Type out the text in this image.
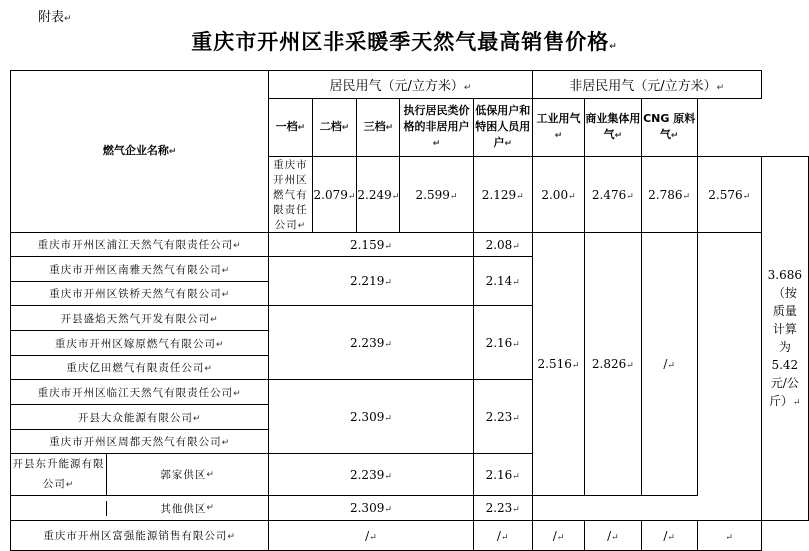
附表↵
重庆市开州区非采暖季天然气最高销售价格↵
燃气企业名称↵	居民用气（元/立方米）↵					非居民用气（元/立方米）↵				
	一档↵	二档↵	三档↵	执行居民类价格的非居用户↵	低保用户和特困人员用户↵	工业用气↵	商业集体用气↵	CNG 原料气↵	
	重庆市开州区燃气有限责任公司↵	2.079↵	2.249↵	2.599↵	2.129↵	2.00↵	2.476↵	2.786↵	2.576↵	3.686（按质量计算为 5.42 元/公斤）↵
重庆市开州区浦江天然气有限责任公司↵	2.159↵				2.08↵	2.516↵	2.826↵	/↵		
重庆市开州区南雅天然气有限公司↵	2.219↵				2.14↵					
重庆市开州区铁桥天然气有限公司↵										
开县盛焰天然气开发有限公司↵	2.239↵				2.16↵					
重庆市开州区嫁原燃气有限公司↵										
重庆亿田燃气有限责任公司↵										
重庆市开州区临江天然气有限责任公司↵	2.309↵				2.23↵					
开县大众能源有限公司↵										
重庆市开州区周都天然气有限公司↵										

开县东升能源有限公司↵
郭家供区 ↵	2.239↵				2.16↵					

其他供区 ↵	2.309↵				2.23↵					
重庆市开州区富强能源销售有限公司↵	/↵				/↵	/↵	/↵	/↵	↵	
